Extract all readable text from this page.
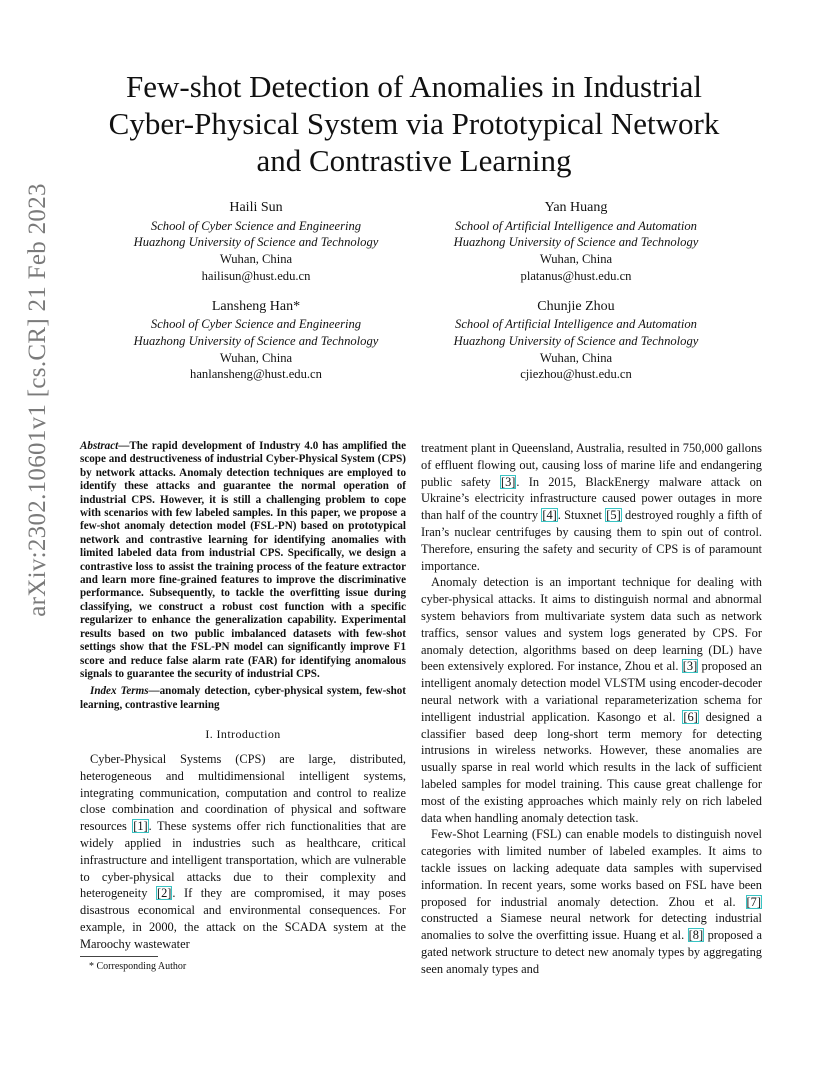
arXiv:2302.10601v1 [cs.CR] 21 Feb 2023
Few-shot Detection of Anomalies in Industrial
Cyber-Physical System via Prototypical Network
and Contrastive Learning
Haili Sun
School of Cyber Science and Engineering
Huazhong University of Science and Technology
Wuhan, China
hailisun@hust.edu.cn
Yan Huang
School of Artificial Intelligence and Automation
Huazhong University of Science and Technology
Wuhan, China
platanus@hust.edu.cn
Lansheng Han*
School of Cyber Science and Engineering
Huazhong University of Science and Technology
Wuhan, China
hanlansheng@hust.edu.cn
Chunjie Zhou
School of Artificial Intelligence and Automation
Huazhong University of Science and Technology
Wuhan, China
cjiezhou@hust.edu.cn

Abstract—The rapid development of Industry 4.0 has amplified the scope and destructiveness of industrial Cyber-Physical System (CPS) by network attacks. Anomaly detection techniques are employed to identify these attacks and guarantee the normal operation of industrial CPS. However, it is still a challenging problem to cope with scenarios with few labeled samples. In this paper, we propose a few-shot anomaly detection model (FSL-PN) based on prototypical network and contrastive learning for identifying anomalies with limited labeled data from industrial CPS. Specifically, we design a contrastive loss to assist the training process of the feature extractor and learn more fine-grained features to improve the discriminative performance. Subsequently, to tackle the overfitting issue during classifying, we construct a robust cost function with a specific regularizer to enhance the generalization capability. Experimental results based on two public imbalanced datasets with few-shot settings show that the FSL-PN model can significantly improve F1 score and reduce false alarm rate (FAR) for identifying anomalous signals to guarantee the security of industrial CPS.

Index Terms—anomaly detection, cyber-physical system, few-shot learning, contrastive learning

I. Introduction

Cyber-Physical Systems (CPS) are large, distributed, heterogeneous and multidimensional intelligent systems, integrating communication, computation and control to realize close combination and coordination of physical and software resources [1]. These systems offer rich functionalities that are widely applied in industries such as healthcare, critical infrastructure and intelligent transportation, which are vulnerable to cyber-physical attacks due to their complexity and heterogeneity [2]. If they are compromised, it may poses disastrous economical and environmental consequences. For example, in 2000, the attack on the SCADA system at the Maroochy wastewater

treatment plant in Queensland, Australia, resulted in 750,000 gallons of effluent flowing out, causing loss of marine life and endangering public safety [3]. In 2015, BlackEnergy malware attack on Ukraine’s electricity infrastructure caused power outages in more than half of the country [4]. Stuxnet [5] destroyed roughly a fifth of Iran’s nuclear centrifuges by causing them to spin out of control. Therefore, ensuring the safety and security of CPS is of paramount importance.

Anomaly detection is an important technique for dealing with cyber-physical attacks. It aims to distinguish normal and abnormal system behaviors from multivariate system data such as network traffics, sensor values and system logs generated by CPS. For anomaly detection, algorithms based on deep learning (DL) have been extensively explored. For instance, Zhou et al. [3] proposed an intelligent anomaly detection model VLSTM using encoder-decoder neural network with a variational reparameterization schema for intelligent industrial application. Kasongo et al. [6] designed a classifier based deep long-short term memory for detecting intrusions in wireless networks. However, these anomalies are usually sparse in real world which results in the lack of sufficient labeled samples for model training. This cause great challenge for most of the existing approaches which mainly rely on rich labeled data when handling anomaly detection task.

Few-Shot Learning (FSL) can enable models to distinguish novel categories with limited number of labeled examples. It aims to tackle issues on lacking adequate data samples with supervised information. In recent years, some works based on FSL have been proposed for industrial anomaly detection. Zhou et al. [7] constructed a Siamese neural network for detecting industrial anomalies to solve the overfitting issue. Huang et al. [8] proposed a gated network structure to detect new anomaly types by aggregating seen anomaly types and

* Corresponding Author
